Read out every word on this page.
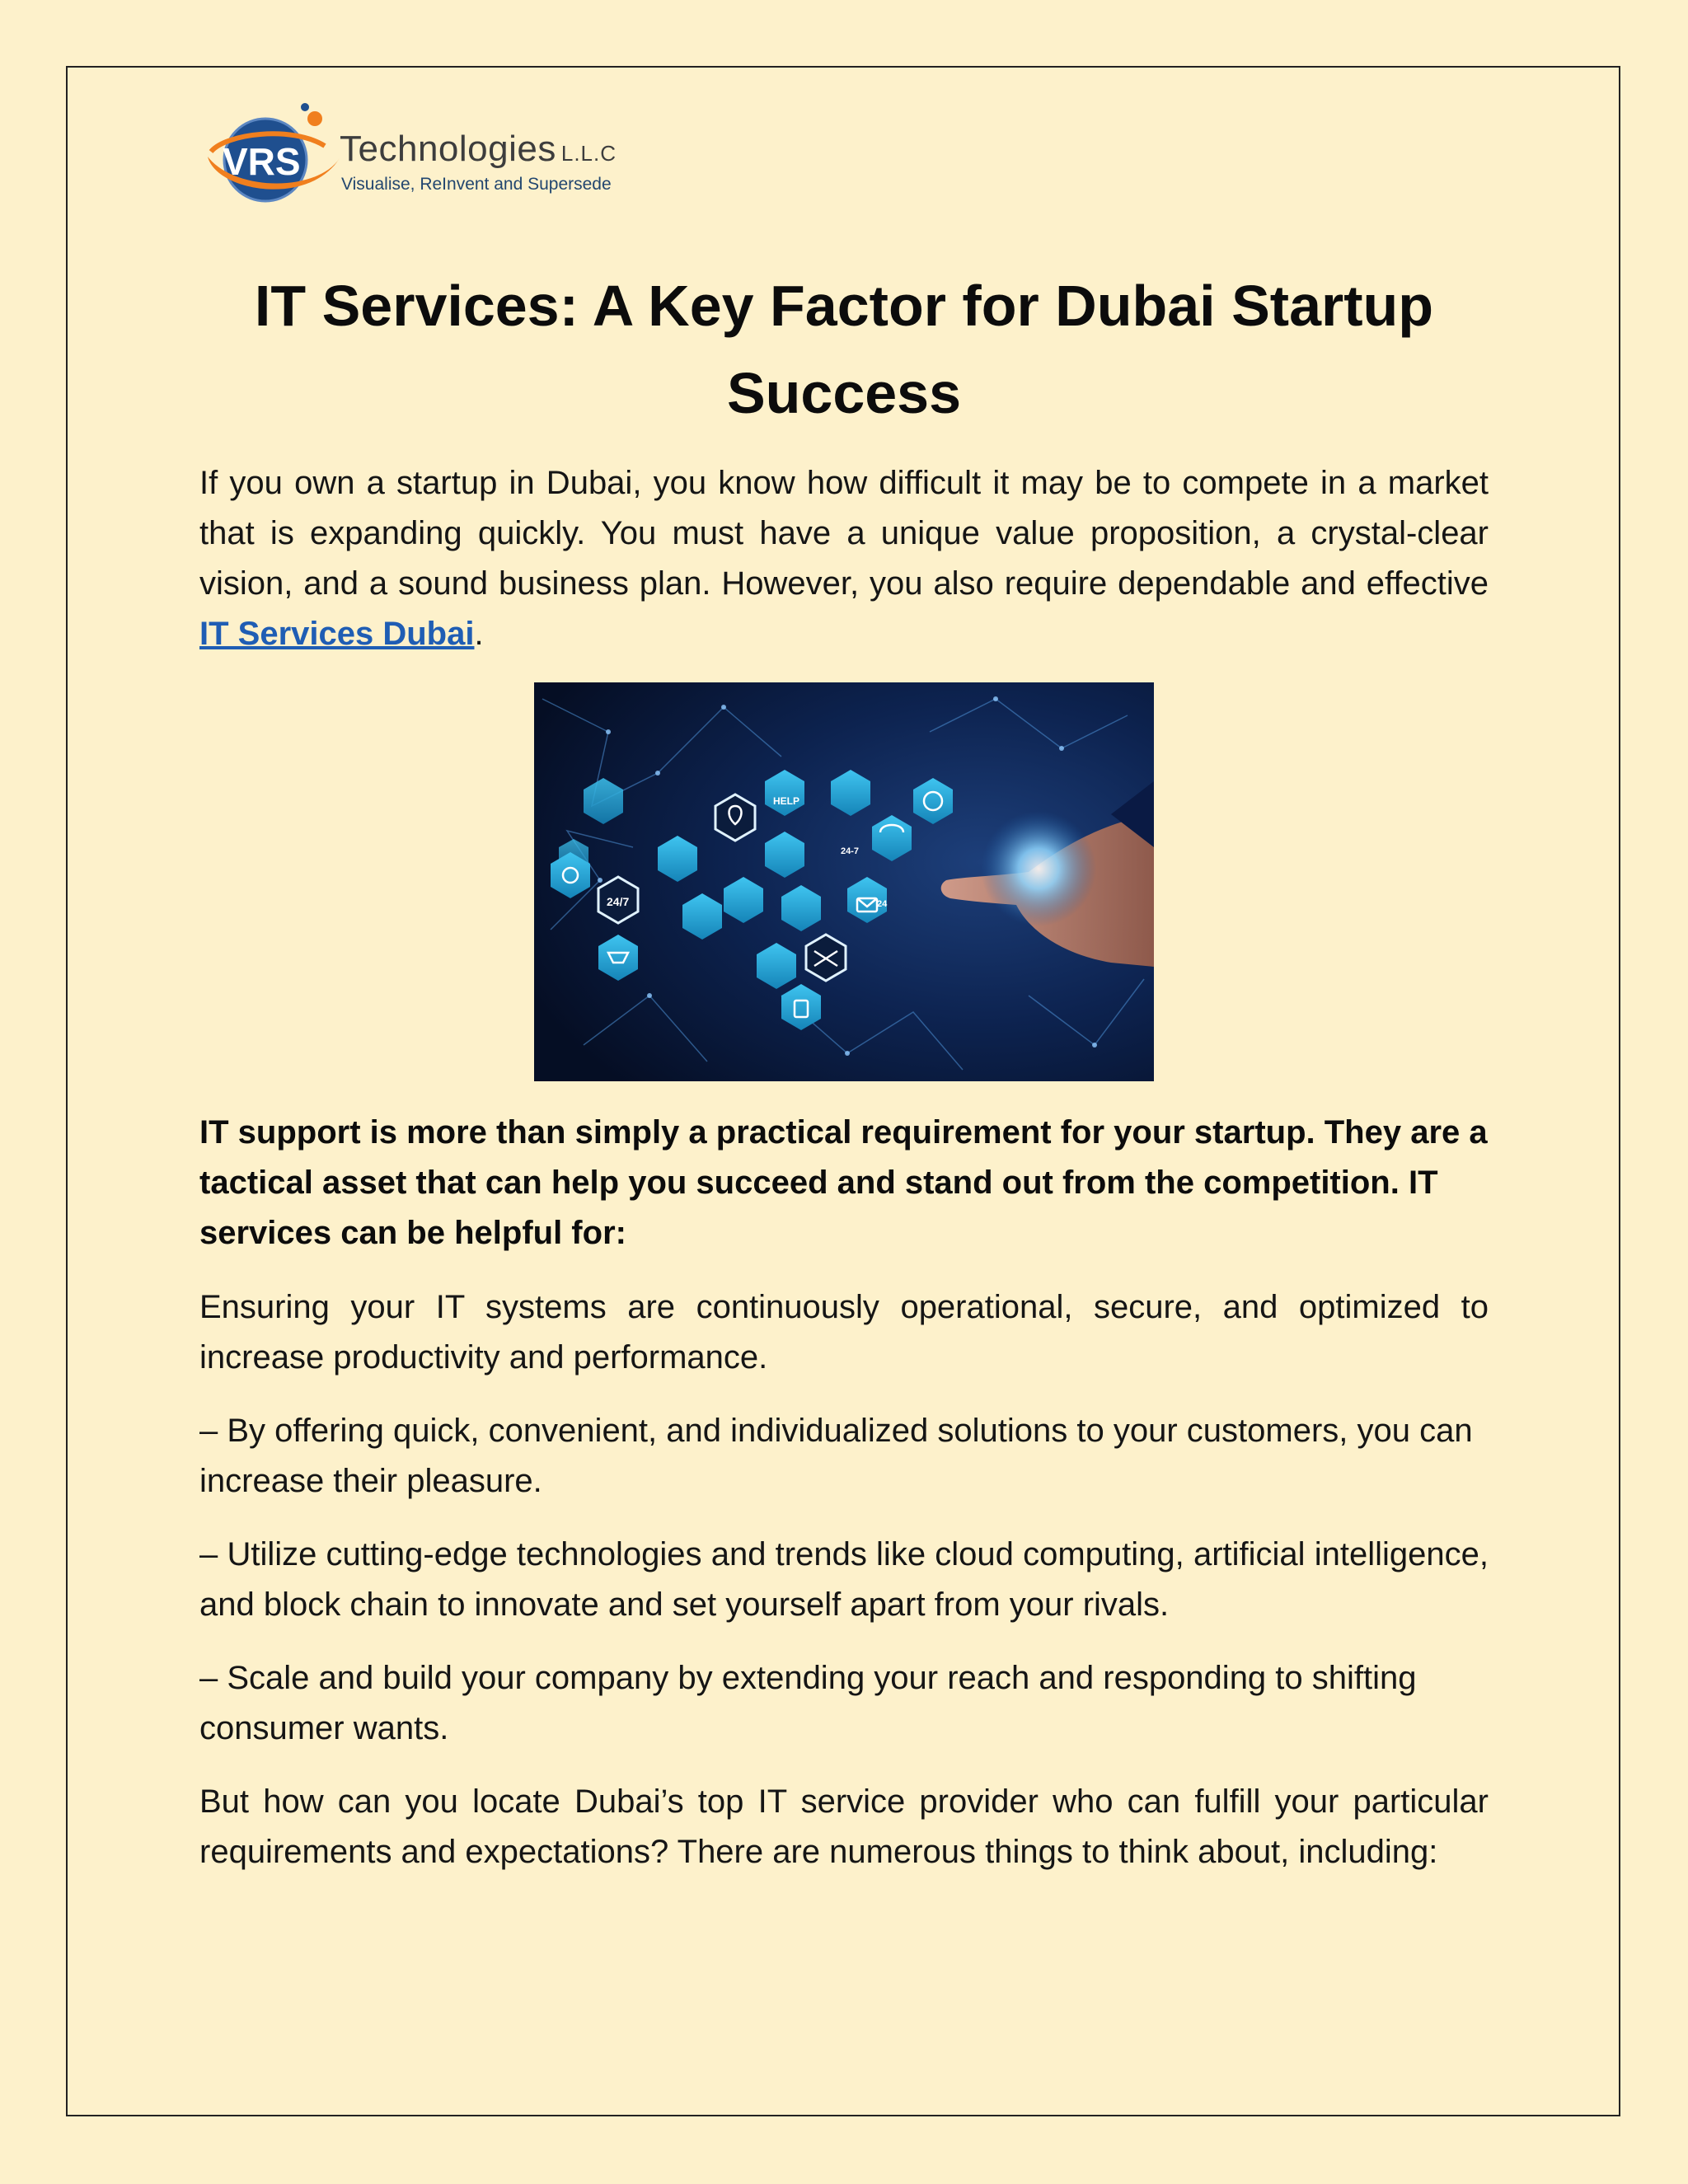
VRS Technologies L.L.C
Visualise, ReInvent and Supersede
IT Services: A Key Factor for Dubai Startup Success

If you own a startup in Dubai, you know how difficult it may be to compete in a market that is expanding quickly. You must have a unique value proposition, a crystal-clear vision, and a sound business plan. However, you also require dependable and effective IT Services Dubai.

HELP
24/7
24-7
24

IT support is more than simply a practical requirement for your startup. They are a tactical asset that can help you succeed and stand out from the competition. IT services can be helpful for:

Ensuring your IT systems are continuously operational, secure, and optimized to increase productivity and performance.

– By offering quick, convenient, and individualized solutions to your customers, you can increase their pleasure.

– Utilize cutting-edge technologies and trends like cloud computing, artificial intelligence, and block chain to innovate and set yourself apart from your rivals.

– Scale and build your company by extending your reach and responding to shifting consumer wants.

But how can you locate Dubai’s top IT service provider who can fulfill your particular requirements and expectations? There are numerous things to think about, including:
